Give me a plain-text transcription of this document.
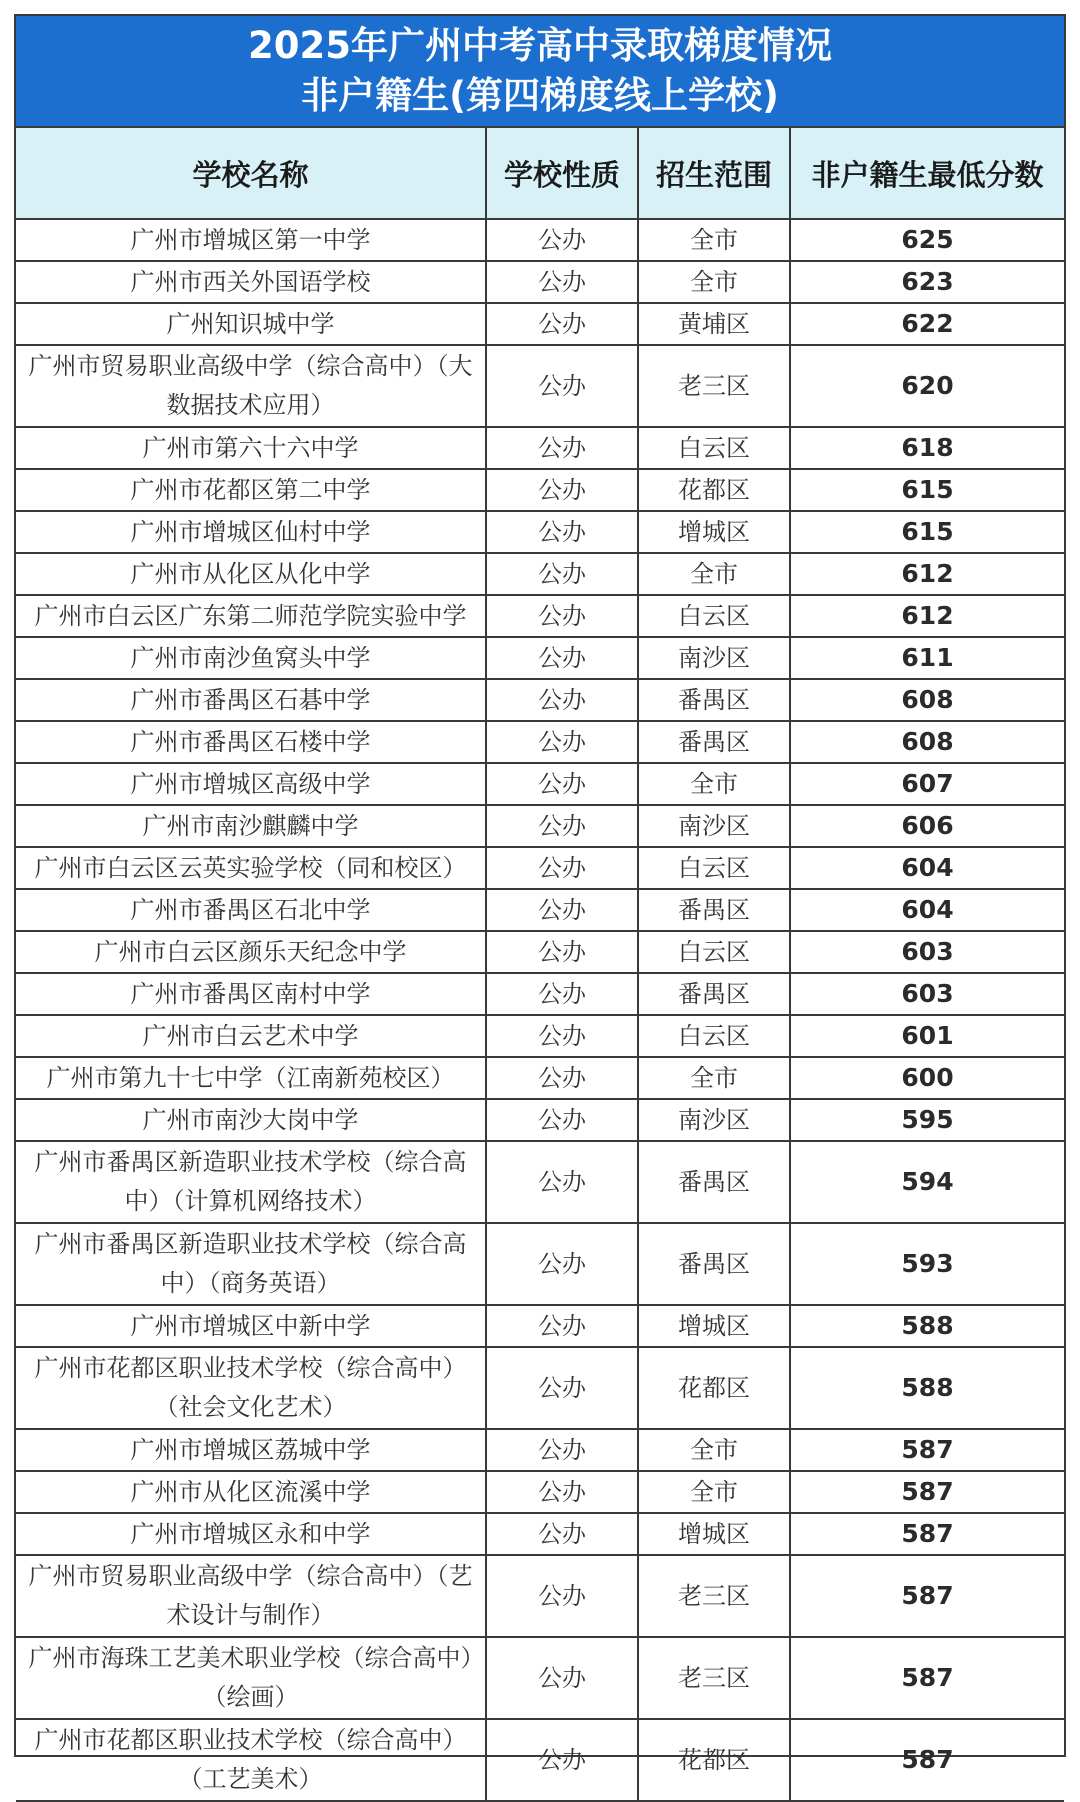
2025年广州中考高中录取梯度情况
非户籍生(第四梯度线上学校)
学校名称	学校性质	招生范围	非户籍生最低分数
广州市增城区第一中学	公办	全市	625
广州市西关外国语学校	公办	全市	623
广州知识城中学	公办	黄埔区	622
广州市贸易职业高级中学（综合高中）（大数据技术应用）	公办	老三区	620
广州市第六十六中学	公办	白云区	618
广州市花都区第二中学	公办	花都区	615
广州市增城区仙村中学	公办	增城区	615
广州市从化区从化中学	公办	全市	612
广州市白云区广东第二师范学院实验中学	公办	白云区	612
广州市南沙鱼窝头中学	公办	南沙区	611
广州市番禺区石碁中学	公办	番禺区	608
广州市番禺区石楼中学	公办	番禺区	608
广州市增城区高级中学	公办	全市	607
广州市南沙麒麟中学	公办	南沙区	606
广州市白云区云英实验学校（同和校区）	公办	白云区	604
广州市番禺区石北中学	公办	番禺区	604
广州市白云区颜乐天纪念中学	公办	白云区	603
广州市番禺区南村中学	公办	番禺区	603
广州市白云艺术中学	公办	白云区	601
广州市第九十七中学（江南新苑校区）	公办	全市	600
广州市南沙大岗中学	公办	南沙区	595
广州市番禺区新造职业技术学校（综合高中）（计算机网络技术）	公办	番禺区	594
广州市番禺区新造职业技术学校（综合高中）（商务英语）	公办	番禺区	593
广州市增城区中新中学	公办	增城区	588
广州市花都区职业技术学校（综合高中）（社会文化艺术）	公办	花都区	588
广州市增城区荔城中学	公办	全市	587
广州市从化区流溪中学	公办	全市	587
广州市增城区永和中学	公办	增城区	587
广州市贸易职业高级中学（综合高中）（艺术设计与制作）	公办	老三区	587
广州市海珠工艺美术职业学校（综合高中）（绘画）	公办	老三区	587
广州市花都区职业技术学校（综合高中）（工艺美术）	公办	花都区	587
